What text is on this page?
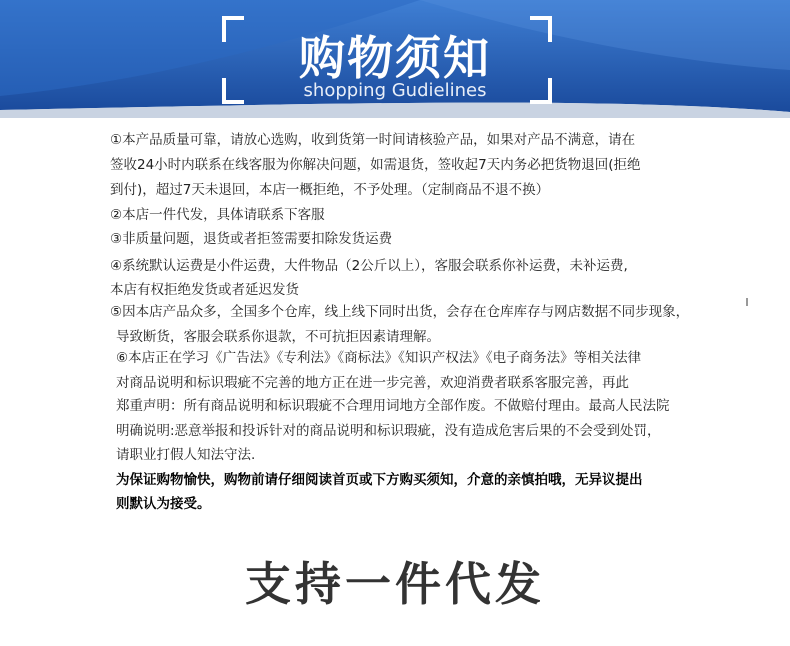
购物须知
shopping Gudielines
①本产品质量可靠，请放心选购，收到货第一时间请核验产品，如果对产品不满意，请在
签收24小时内联系在线客服为你解决问题，如需退货，签收起7天内务必把货物退回(拒绝
到付)，超过7天未退回，本店一概拒绝，不予处理。（定制商品不退不换）
②本店一件代发，具体请联系下客服
③非质量问题，退货或者拒签需要扣除发货运费
④系统默认运费是小件运费，大件物品（2公斤以上），客服会联系你补运费，未补运费,
本店有权拒绝发货或者延迟发货
⑤因本店产品众多，全国多个仓库，线上线下同时出货，会存在仓库库存与网店数据不同步现象，
导致断货，客服会联系你退款，不可抗拒因素请理解。
⑥本店正在学习《广告法》《专利法》《商标法》《知识产权法》《电子商务法》等相关法律
对商品说明和标识瑕疵不完善的地方正在进一步完善，欢迎消费者联系客服完善，再此
郑重声明：所有商品说明和标识瑕疵不合理用词地方全部作废。不做赔付理由。最高人民法院
明确说明:恶意举报和投诉针对的商品说明和标识瑕疵，没有造成危害后果的不会受到处罚，
请职业打假人知法守法.
为保证购物愉快，购物前请仔细阅读首页或下方购买须知，介意的亲慎拍哦，无异议提出
则默认为接受。
支持一件代发
